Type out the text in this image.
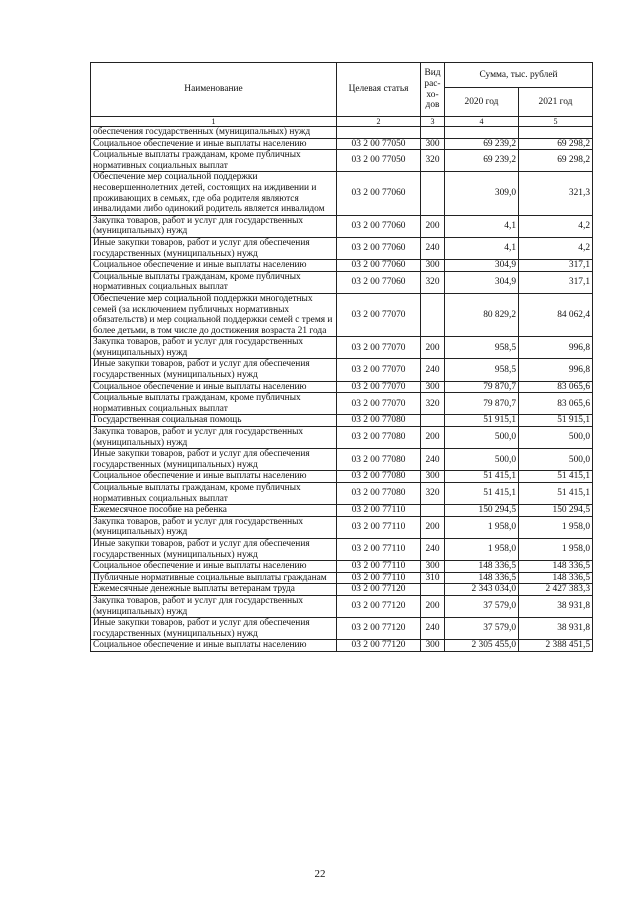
Наименование	Целевая статья	Вид рас-хо-дов	Сумма, тыс. рублей	
			2020 год	2021 год
1	2	3	4	5
обеспечения государственных (муниципальных) нужд				
Социальное обеспечение и иные выплаты населению	03 2 00 77050	300	69 239,2	69 298,2
Социальные выплаты гражданам, кроме публичных нормативных социальных выплат	03 2 00 77050	320	69 239,2	69 298,2
Обеспечение мер социальной поддержки несовершеннолетних детей, состоящих на иждивении и проживающих в семьях, где оба родителя являются инвалидами либо одинокий родитель является инвалидом	03 2 00 77060		309,0	321,3
Закупка товаров, работ и услуг для государственных (муниципальных) нужд	03 2 00 77060	200	4,1	4,2
Иные закупки товаров, работ и услуг для обеспечения государственных (муниципальных) нужд	03 2 00 77060	240	4,1	4,2
Социальное обеспечение и иные выплаты населению	03 2 00 77060	300	304,9	317,1
Социальные выплаты гражданам, кроме публичных нормативных социальных выплат	03 2 00 77060	320	304,9	317,1
Обеспечение мер социальной поддержки многодетных семей (за исключением публичных нормативных обязательств) и мер социальной поддержки семей с тремя и более детьми, в том числе до достижения возраста 21 года	03 2 00 77070		80 829,2	84 062,4
Закупка товаров, работ и услуг для государственных (муниципальных) нужд	03 2 00 77070	200	958,5	996,8
Иные закупки товаров, работ и услуг для обеспечения государственных (муниципальных) нужд	03 2 00 77070	240	958,5	996,8
Социальное обеспечение и иные выплаты населению	03 2 00 77070	300	79 870,7	83 065,6
Социальные выплаты гражданам, кроме публичных нормативных социальных выплат	03 2 00 77070	320	79 870,7	83 065,6
Государственная социальная помощь	03 2 00 77080		51 915,1	51 915,1
Закупка товаров, работ и услуг для государственных (муниципальных) нужд	03 2 00 77080	200	500,0	500,0
Иные закупки товаров, работ и услуг для обеспечения государственных (муниципальных) нужд	03 2 00 77080	240	500,0	500,0
Социальное обеспечение и иные выплаты населению	03 2 00 77080	300	51 415,1	51 415,1
Социальные выплаты гражданам, кроме публичных нормативных социальных выплат	03 2 00 77080	320	51 415,1	51 415,1
Ежемесячное пособие на ребенка	03 2 00 77110		150 294,5	150 294,5
Закупка товаров, работ и услуг для государственных (муниципальных) нужд	03 2 00 77110	200	1 958,0	1 958,0
Иные закупки товаров, работ и услуг для обеспечения государственных (муниципальных) нужд	03 2 00 77110	240	1 958,0	1 958,0
Социальное обеспечение и иные выплаты населению	03 2 00 77110	300	148 336,5	148 336,5
Публичные нормативные социальные выплаты гражданам	03 2 00 77110	310	148 336,5	148 336,5
Ежемесячные денежные выплаты ветеранам труда	03 2 00 77120		2 343 034,0	2 427 383,3
Закупка товаров, работ и услуг для государственных (муниципальных) нужд	03 2 00 77120	200	37 579,0	38 931,8
Иные закупки товаров, работ и услуг для обеспечения государственных (муниципальных) нужд	03 2 00 77120	240	37 579,0	38 931,8
Социальное обеспечение и иные выплаты населению	03 2 00 77120	300	2 305 455,0	2 388 451,5
22
